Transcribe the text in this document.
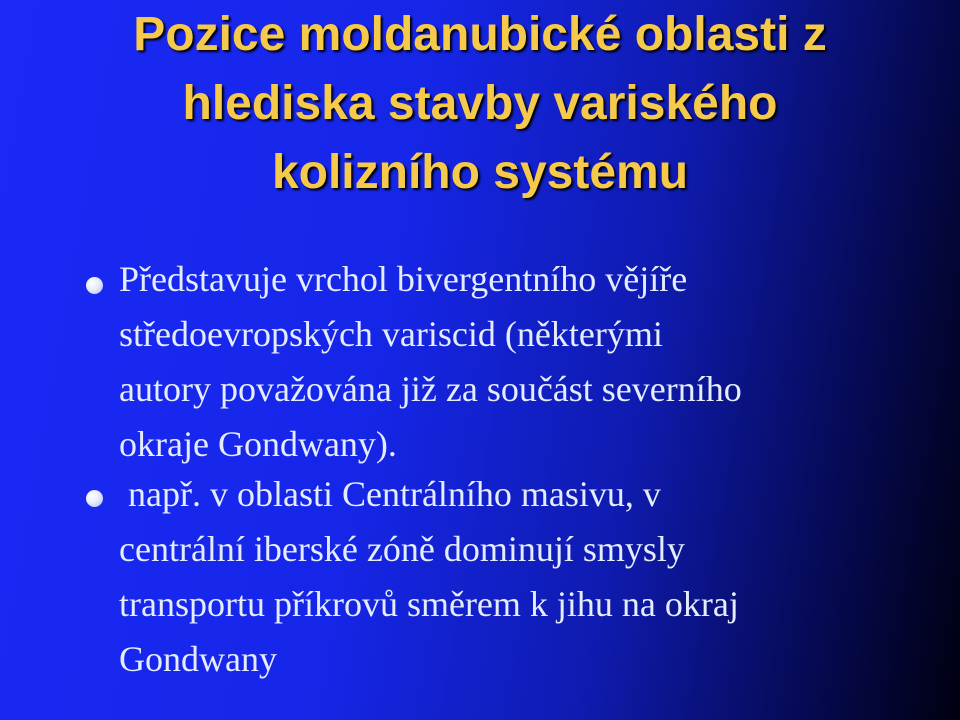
Pozice moldanubické oblasti z
hlediska stavby variského
kolizního systému
Představuje vrchol bivergentního vějíře
středoevropských variscid (některými
autory považována již za součást severního
okraje Gondwany).
např. v oblasti Centrálního masivu, v
centrální iberské zóně dominují smysly
transportu příkrovů směrem k jihu na okraj
Gondwany
